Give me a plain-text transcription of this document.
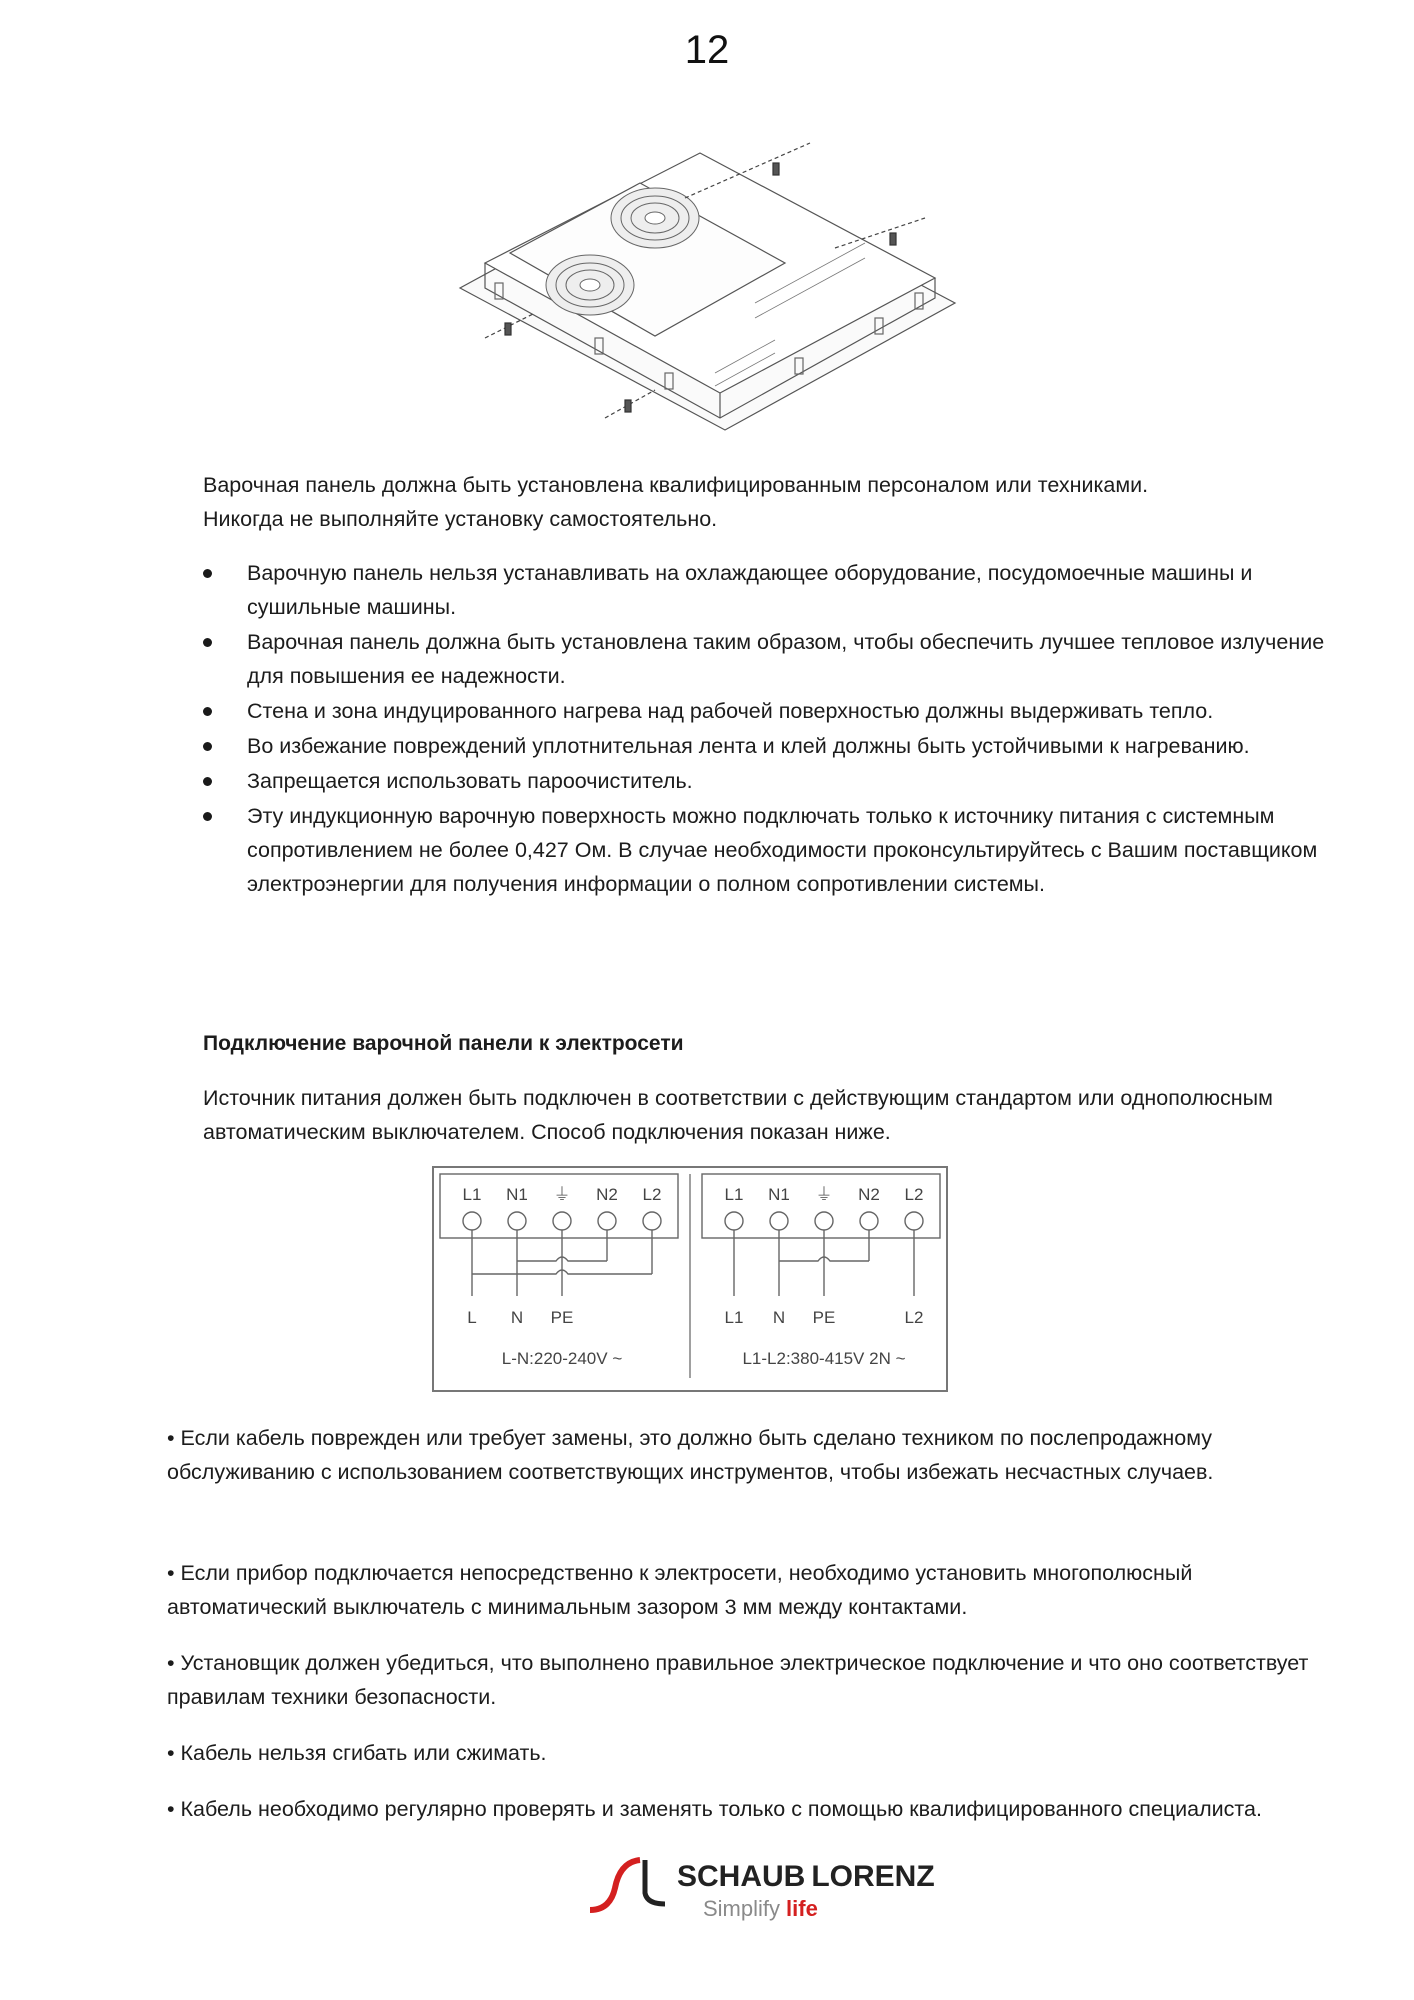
12
Варочная панель должна быть установлена квалифицированным персоналом или техниками.
Никогда не выполняйте установку самостоятельно.
Варочную панель нельзя устанавливать на охлаждающее оборудование, посудомоечные машины и сушильные машины.
Варочная панель должна быть установлена таким образом, чтобы обеспечить лучшее тепловое излучение для повышения ее надежности.
Стена и зона индуцированного нагрева над рабочей поверхностью должны выдерживать тепло.
Во избежание повреждений уплотнительная лента и клей должны быть устойчивыми к нагреванию.
Запрещается использовать пароочиститель.
Эту индукционную варочную поверхность можно подключать только к источнику питания с системным сопротивлением не более 0,427 Ом. В случае необходимости проконсультируйтесь с Вашим поставщиком электроэнергии для получения информации о полном сопротивлении системы.
Подключение варочной панели к электросети
Источник питания должен быть подключен в соответствии с действующим стандартом или однополюсным автоматическим выключателем. Способ подключения показан ниже.
L1 N1 ⏚ N2 L2
L N PE
L-N:220-240V ~
L1 N1 ⏚ N2 L2
L1 N PE	L2
L1-L2:380-415V 2N ~
• Если кабель поврежден или требует замены, это должно быть сделано техником по послепродажному обслуживанию с использованием соответствующих инструментов, чтобы избежать несчастных случаев.
• Если прибор подключается непосредственно к электросети, необходимо установить многополюсный автоматический выключатель с минимальным зазором 3 мм между контактами.
• Установщик должен убедиться, что выполнено правильное электрическое подключение и что оно соответствует правилам техники безопасности.
• Кабель нельзя сгибать или сжимать.
• Кабель необходимо регулярно проверять и заменять только с помощью квалифицированного специалиста.
SCHAUB LORENZ
Simplify life
